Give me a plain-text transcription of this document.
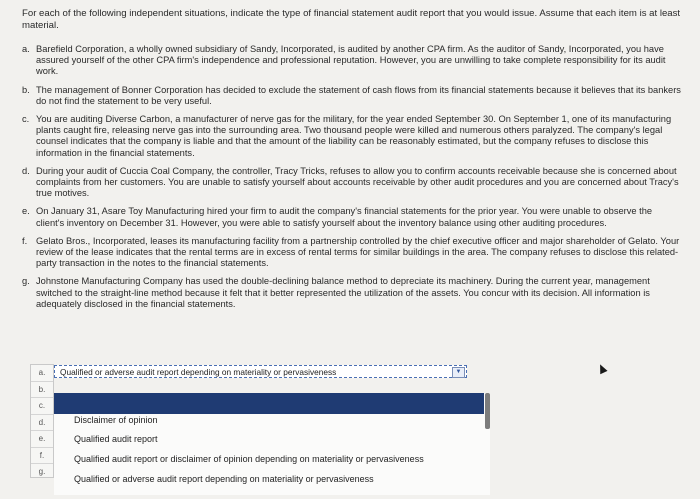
For each of the following independent situations, indicate the type of financial statement audit report that you would issue. Assume that each item is at least material.
a. Barefield Corporation, a wholly owned subsidiary of Sandy, Incorporated, is audited by another CPA firm. As the auditor of Sandy, Incorporated, you have assured yourself of the other CPA firm's independence and professional reputation. However, you are unwilling to take complete responsibility for its audit work.
b. The management of Bonner Corporation has decided to exclude the statement of cash flows from its financial statements because it believes that its bankers do not find the statement to be very useful.
c. You are auditing Diverse Carbon, a manufacturer of nerve gas for the military, for the year ended September 30. On September 1, one of its manufacturing plants caught fire, releasing nerve gas into the surrounding area. Two thousand people were killed and numerous others paralyzed. The company's legal counsel indicates that the company is liable and that the amount of the liability can be reasonably estimated, but the company refuses to disclose this information in the financial statements.
d. During your audit of Cuccia Coal Company, the controller, Tracy Tricks, refuses to allow you to confirm accounts receivable because she is concerned about complaints from her customers. You are unable to satisfy yourself about accounts receivable by other audit procedures and you are concerned about Tracy's true motives.
e. On January 31, Asare Toy Manufacturing hired your firm to audit the company's financial statements for the prior year. You were unable to observe the client's inventory on December 31. However, you were able to satisfy yourself about the inventory balance using other auditing procedures.
f. Gelato Bros., Incorporated, leases its manufacturing facility from a partnership controlled by the chief executive officer and major shareholder of Gelato. Your review of the lease indicates that the rental terms are in excess of rental terms for similar buildings in the area. The company refuses to disclose this related-party transaction in the notes to the financial statements.
g. Johnstone Manufacturing Company has used the double-declining balance method to depreciate its machinery. During the current year, management switched to the straight-line method because it felt that it better represented the utilization of the assets. You concur with its decision. All information is adequately disclosed in the financial statements.
a.
b.
c.
d.
e.
f.
g.
Qualified or adverse audit report depending on materiality or pervasiveness	▼
Disclaimer of opinion
Qualified audit report
Qualified audit report or disclaimer of opinion depending on materiality or pervasiveness
Qualified or adverse audit report depending on materiality or pervasiveness
